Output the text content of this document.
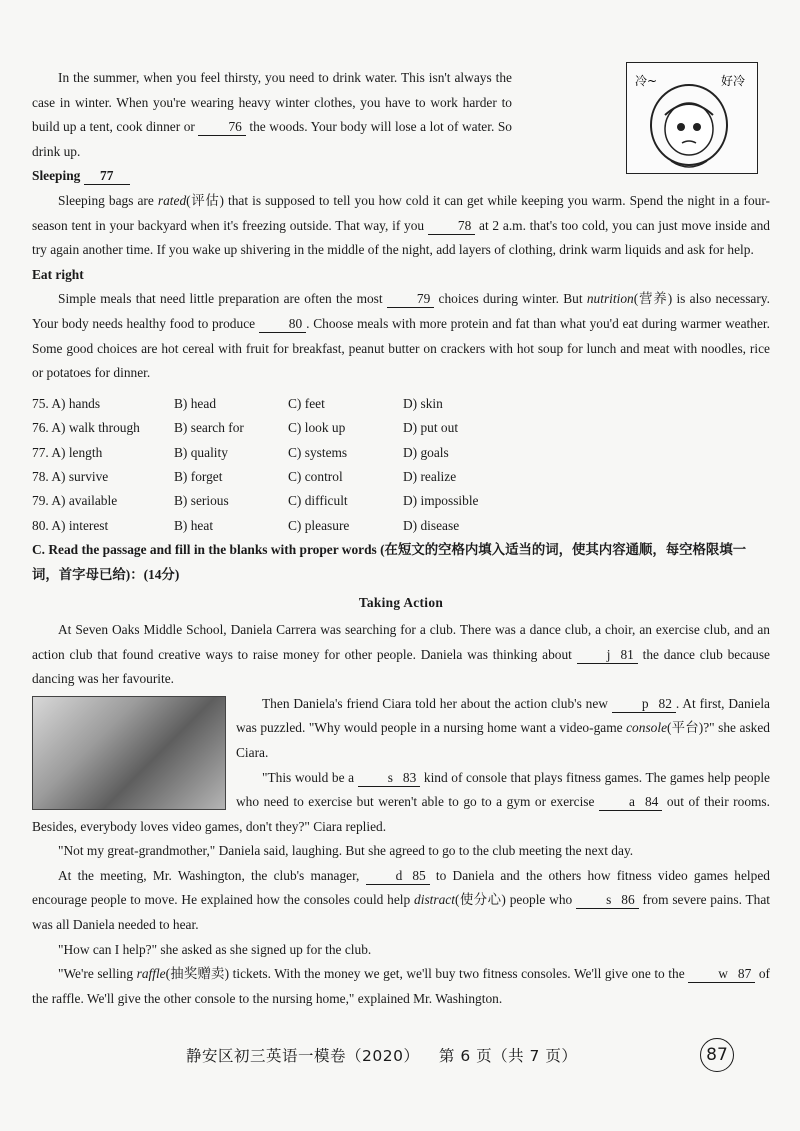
In the summer, when you feel thirsty, you need to drink water. This isn't always the case in winter. When you're wearing heavy winter clothes, you have to work harder to build up a tent, cook dinner or	76 the woods. Your body will lose a lot of water. So drink up.

冷~	好冷

Sleeping 77

Sleeping bags are rated(评估) that is supposed to tell you how cold it can get while keeping you warm. Spend the night in a four-season tent in your backyard when it's freezing outside. That way, if you	78 at 2 a.m. that's too cold, you can just move inside and try again another time. If you wake up shivering in the middle of the night, add layers of clothing, drink warm liquids and ask for help.

Eat right

Simple meals that need little preparation are often the most	79 choices during winter. But nutrition(营养) is also necessary. Your body needs healthy food to produce	80 . Choose meals with more protein and fat than what you'd eat during warmer weather. Some good choices are hot cereal with fruit for breakfast, peanut butter on crackers with hot soup for lunch and meat with noodles, rice or potatoes for dinner.

75. A) hands	B) head	C) feet	D) skin
76. A) walk through	B) search for	C) look up	D) put out
77. A) length	B) quality	C) systems	D) goals
78. A) survive	B) forget	C) control	D) realize
79. A) available	B) serious	C) difficult	D) impossible
80. A) interest	B) heat	C) pleasure	D) disease

C. Read the passage and fill in the blanks with proper words (在短文的空格内填入适当的词，使其内容通顺，每空格限填一词，首字母已给)：(14分)

Taking Action

At Seven Oaks Middle School, Daniela Carrera was searching for a club. There was a dance club, a choir, an exercise club, and an action club that found creative ways to raise money for other people. Daniela was thinking about	j 81 the dance club because dancing was her favourite.

Then Daniela's friend Ciara told her about the action club's new	p 82 . At first, Daniela was puzzled. "Why would people in a nursing home want a video-game console(平台)?" she asked Ciara.

"This would be a	s 83 kind of console that plays fitness games. The games help people who need to exercise but weren't able to go to a gym or exercise	a 84 out of their rooms. Besides, everybody loves video games, don't they?" Ciara replied.

"Not my great-grandmother," Daniela said, laughing. But she agreed to go to the club meeting the next day.

At the meeting, Mr. Washington, the club's manager,	d 85 to Daniela and the others how fitness video games helped encourage people to move. He explained how the consoles could help distract(使分心) people who	s 86 from severe pains. That was all Daniela needed to hear.

"How can I help?" she asked as she signed up for the club.

"We're selling raffle(抽奖赠卖) tickets. With the money we get, we'll buy two fitness consoles. We'll give one to the	w 87 of the raffle. We'll give the other console to the nursing home," explained Mr. Washington.

静安区初三英语一模卷（2020） 第 6 页（共 7 页）	87
